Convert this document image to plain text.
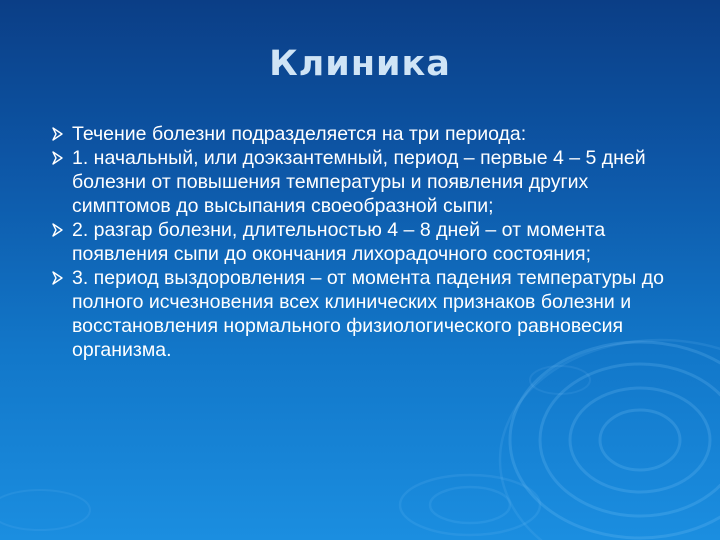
Клиника
Течение болезни подразделяется на три периода:
1. начальный, или доэкзантемный, период – первые 4 – 5 дней болезни от повышения температуры и появления других симптомов до высыпания своеобразной сыпи;
2. разгар болезни, длительностью 4 – 8 дней – от момента появления сыпи до окончания лихорадочного состояния;
3. период выздоровления – от момента падения температуры до полного исчезновения всех клинических признаков болезни и восстановления нормального физиологического равновесия организма.
